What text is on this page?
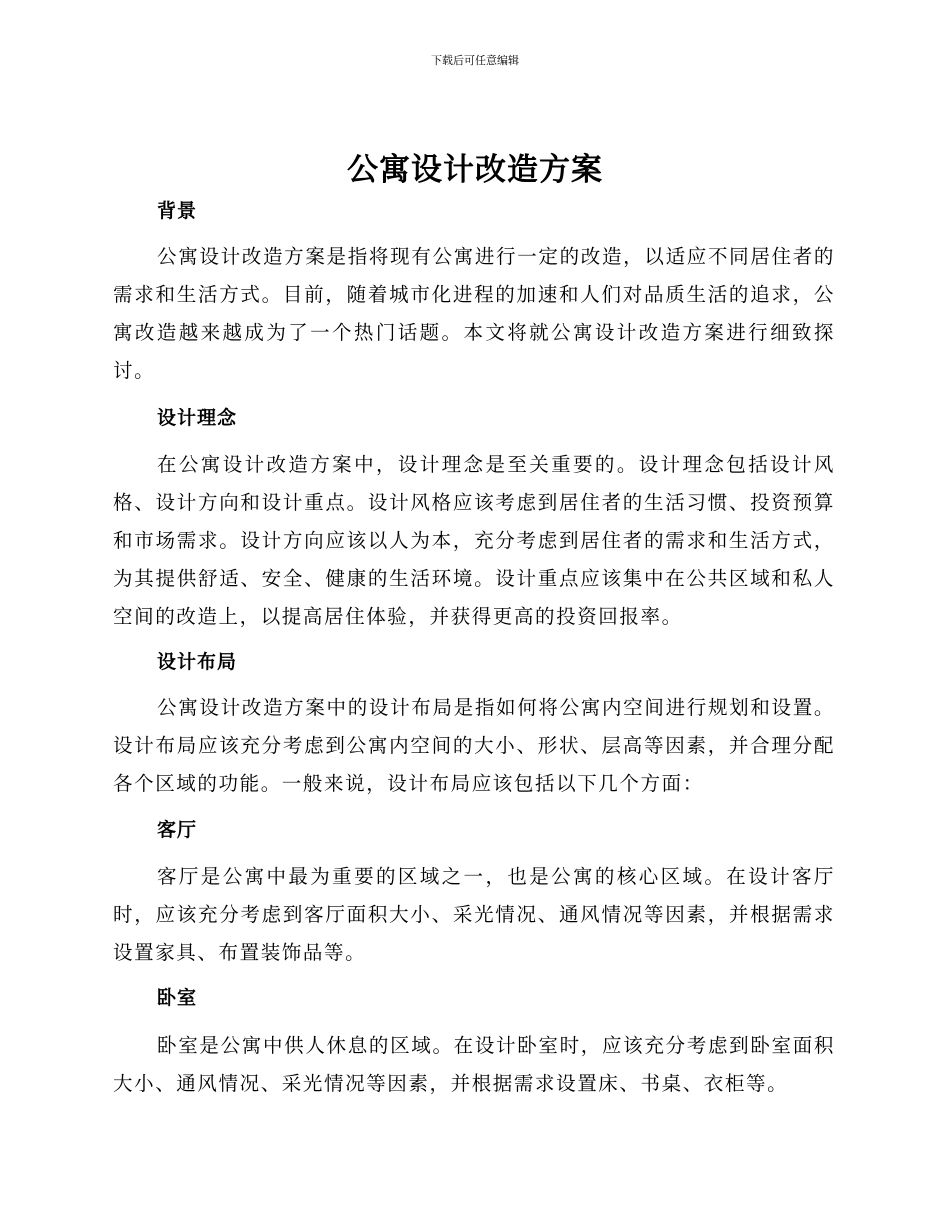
下载后可任意编辑
公寓设计改造方案
背景

公寓设计改造方案是指将现有公寓进行一定的改造，以适应不同居住者的需求和生活方式。目前，随着城市化进程的加速和人们对品质生活的追求，公寓改造越来越成为了一个热门话题。本文将就公寓设计改造方案进行细致探讨。

设计理念

在公寓设计改造方案中，设计理念是至关重要的。设计理念包括设计风格、设计方向和设计重点。设计风格应该考虑到居住者的生活习惯、投资预算和市场需求。设计方向应该以人为本，充分考虑到居住者的需求和生活方式，为其提供舒适、安全、健康的生活环境。设计重点应该集中在公共区域和私人空间的改造上，以提高居住体验，并获得更高的投资回报率。

设计布局

公寓设计改造方案中的设计布局是指如何将公寓内空间进行规划和设置。设计布局应该充分考虑到公寓内空间的大小、形状、层高等因素，并合理分配各个区域的功能。一般来说，设计布局应该包括以下几个方面：

客厅

客厅是公寓中最为重要的区域之一，也是公寓的核心区域。在设计客厅时，应该充分考虑到客厅面积大小、采光情况、通风情况等因素，并根据需求设置家具、布置装饰品等。

卧室

卧室是公寓中供人休息的区域。在设计卧室时，应该充分考虑到卧室面积大小、通风情况、采光情况等因素，并根据需求设置床、书桌、衣柜等。
